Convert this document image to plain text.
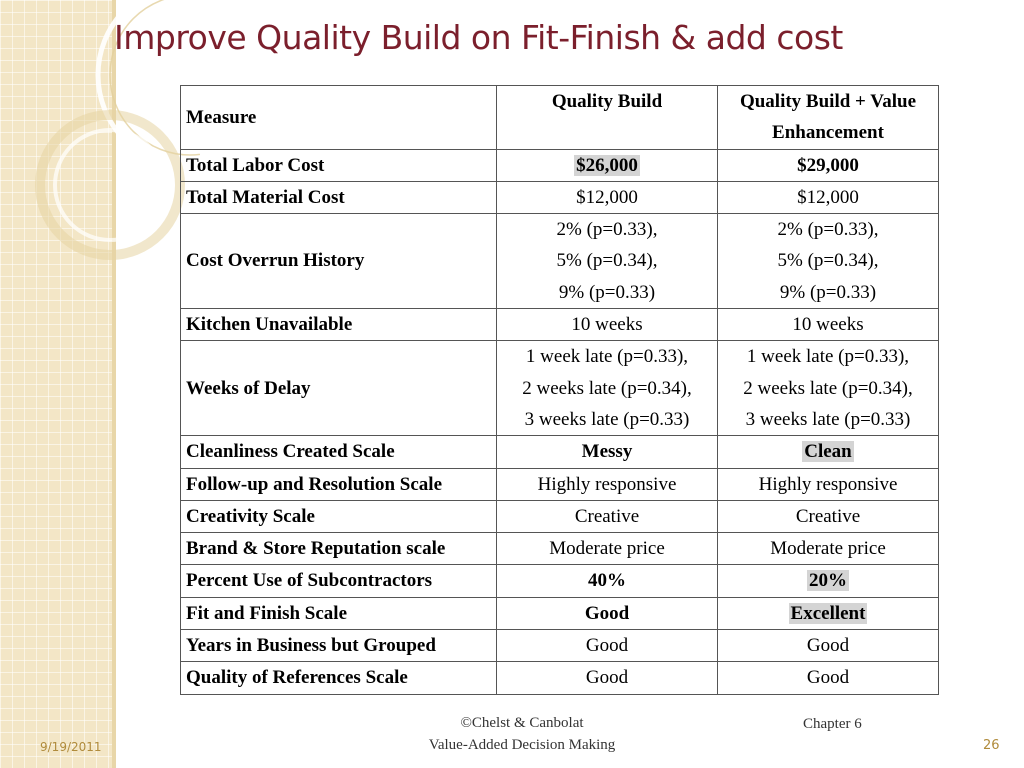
Improve Quality Build on Fit-Finish & add cost
Measure	Quality Build	Quality Build + Value Enhancement
Total Labor Cost	$26,000	$29,000
Total Material Cost	$12,000	$12,000
Cost Overrun History	2% (p=0.33),
5% (p=0.34),
9% (p=0.33)	2% (p=0.33),
5% (p=0.34),
9% (p=0.33)

Kitchen Unavailable	10 weeks	10 weeks
Weeks of Delay	1 week late (p=0.33),
2 weeks late (p=0.34),
3 weeks late (p=0.33)	1 week late (p=0.33),
2 weeks late (p=0.34),
3 weeks late (p=0.33)

Cleanliness Created Scale	Messy	Clean
Follow-up and Resolution Scale	Highly responsive	Highly responsive
Creativity Scale	Creative	Creative
Brand & Store Reputation scale	Moderate price	Moderate price
Percent Use of Subcontractors	40%	20%
Fit and Finish Scale	Good	Excellent
Years in Business but Grouped	Good	Good
Quality of References Scale	Good	Good
9/19/2011
©Chelst & Canbolat
Value-Added Decision Making
Chapter 6
26
